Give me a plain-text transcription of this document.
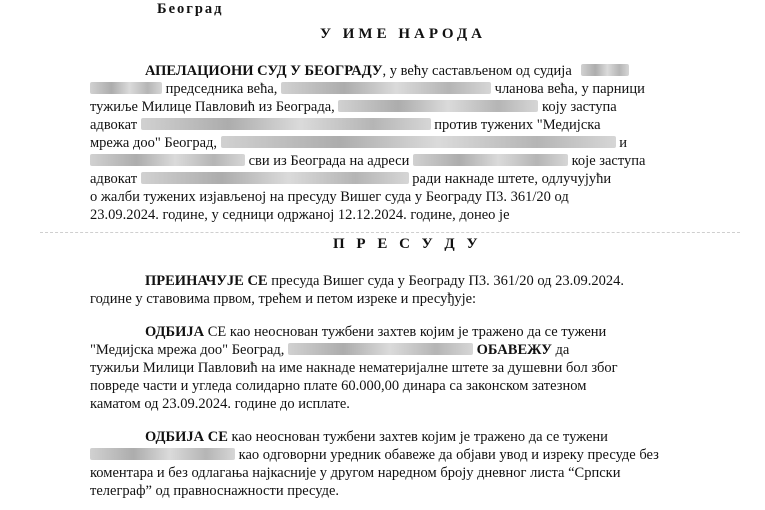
Београд
У ИМЕ НАРОДА
АПЕЛАЦИОНИ СУД У БЕОГРАДУ, у већу састављеном од судија
председника већа,	чланова већа, у парници
тужиље Милице Павловић из Београда,	коју заступа
адвокат	против тужених "Медијска
мрежа доо" Београд,	и
сви из Београда на адреси	које заступа
адвокат	ради накнаде штете, одлучујући
о жалби тужених изјављеној на пресуду Вишег суда у Београду П3. 361/20 од
23.09.2024. године, у седници одржаној 12.12.2024. године, донео је
П Р Е С У Д У
ПРЕИНАЧУЈЕ СЕ пресуда Вишег суда у Београду П3. 361/20 од 23.09.2024.
године у ставовима првом, трећем и петом изреке и пресуђује:
ОДБИЈА СЕ као неоснован тужбени захтев којим је тражено да се тужени
"Медијска мрежа доо" Београд,	ОБАВЕЖУ да
тужиљи Милици Павловић на име накнаде нематеријалне штете за душевни бол због
повреде части и угледа солидарно плате 60.000,00 динара са законском затезном
каматом од 23.09.2024. године до исплате.
ОДБИЈА СЕ као неоснован тужбени захтев којим је тражено да се тужени
као одговорни уредник обавеже да објави увод и изреку пресуде без
коментара и без одлагања најкасније у другом наредном броју дневног листа “Српски
телеграф” од правноснажности пресуде.
